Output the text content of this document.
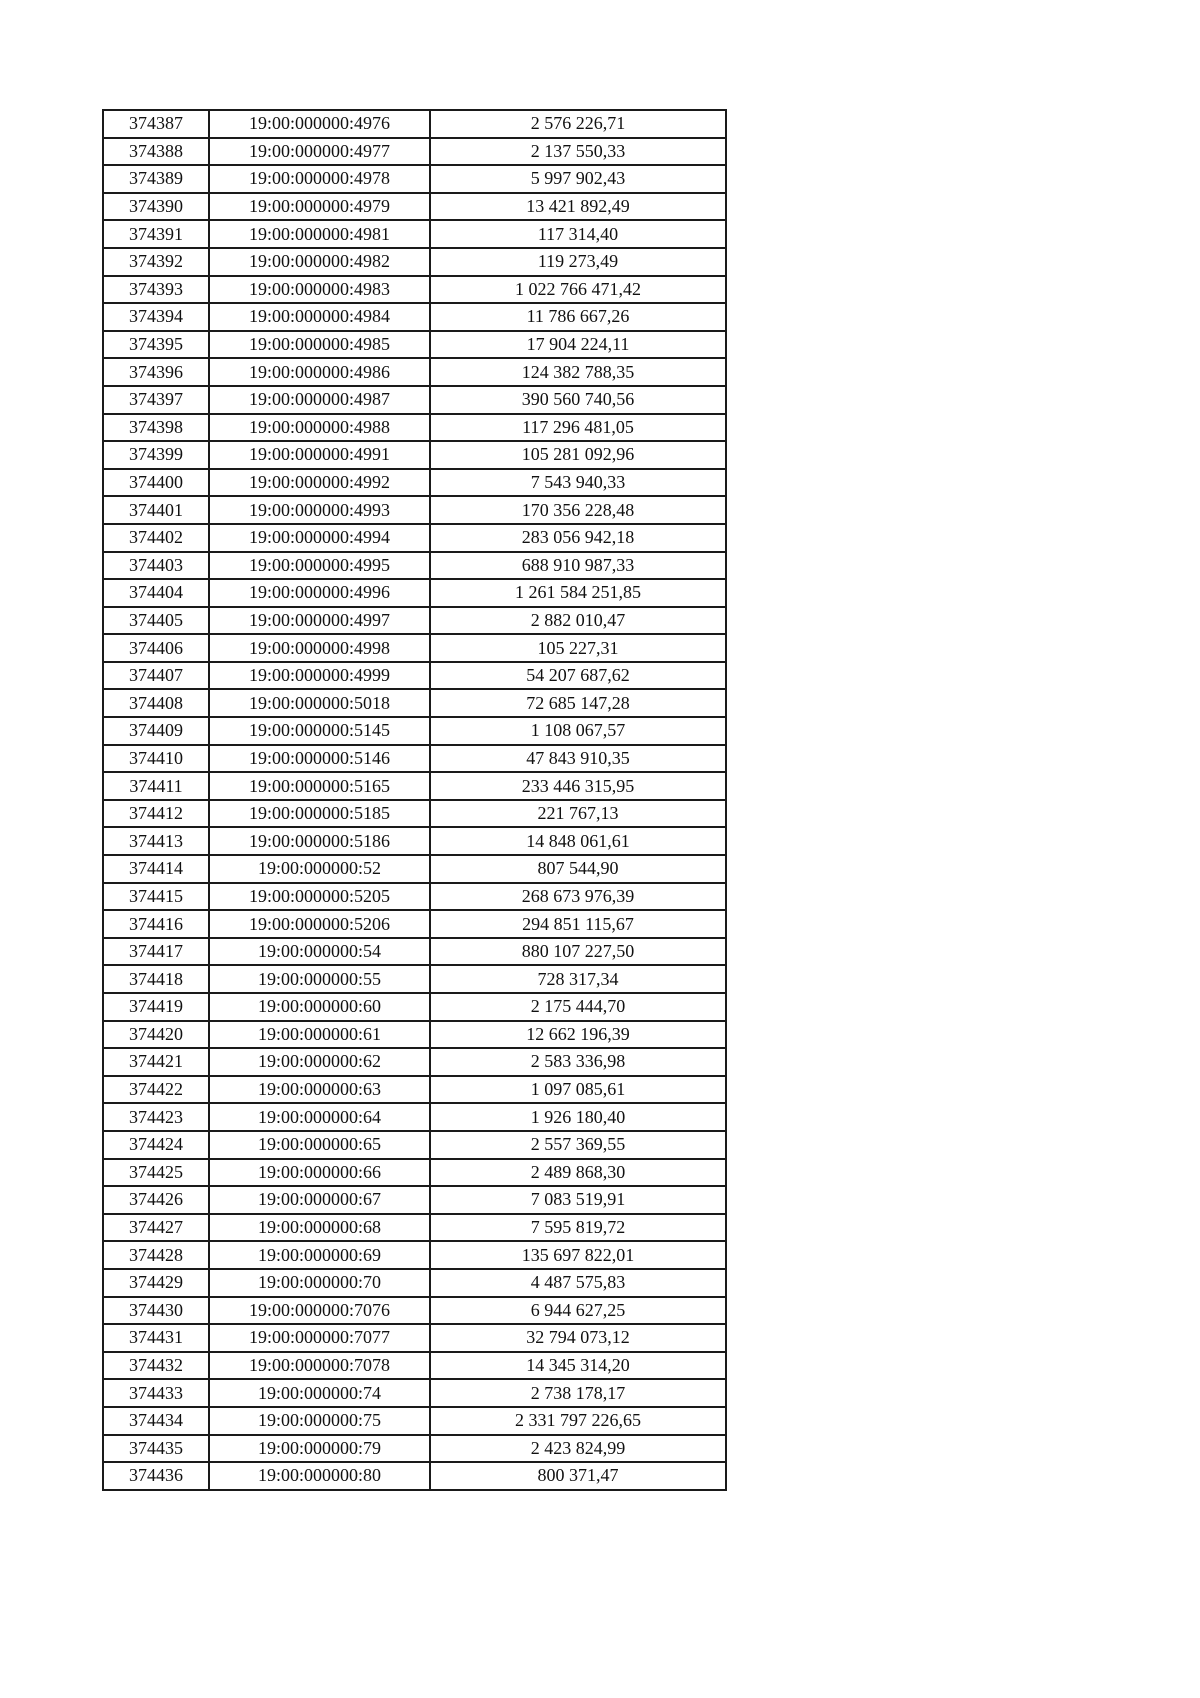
374387	19:00:000000:4976	2 576 226,71
374388	19:00:000000:4977	2 137 550,33
374389	19:00:000000:4978	5 997 902,43
374390	19:00:000000:4979	13 421 892,49
374391	19:00:000000:4981	117 314,40
374392	19:00:000000:4982	119 273,49
374393	19:00:000000:4983	1 022 766 471,42
374394	19:00:000000:4984	11 786 667,26
374395	19:00:000000:4985	17 904 224,11
374396	19:00:000000:4986	124 382 788,35
374397	19:00:000000:4987	390 560 740,56
374398	19:00:000000:4988	117 296 481,05
374399	19:00:000000:4991	105 281 092,96
374400	19:00:000000:4992	7 543 940,33
374401	19:00:000000:4993	170 356 228,48
374402	19:00:000000:4994	283 056 942,18
374403	19:00:000000:4995	688 910 987,33
374404	19:00:000000:4996	1 261 584 251,85
374405	19:00:000000:4997	2 882 010,47
374406	19:00:000000:4998	105 227,31
374407	19:00:000000:4999	54 207 687,62
374408	19:00:000000:5018	72 685 147,28
374409	19:00:000000:5145	1 108 067,57
374410	19:00:000000:5146	47 843 910,35
374411	19:00:000000:5165	233 446 315,95
374412	19:00:000000:5185	221 767,13
374413	19:00:000000:5186	14 848 061,61
374414	19:00:000000:52	807 544,90
374415	19:00:000000:5205	268 673 976,39
374416	19:00:000000:5206	294 851 115,67
374417	19:00:000000:54	880 107 227,50
374418	19:00:000000:55	728 317,34
374419	19:00:000000:60	2 175 444,70
374420	19:00:000000:61	12 662 196,39
374421	19:00:000000:62	2 583 336,98
374422	19:00:000000:63	1 097 085,61
374423	19:00:000000:64	1 926 180,40
374424	19:00:000000:65	2 557 369,55
374425	19:00:000000:66	2 489 868,30
374426	19:00:000000:67	7 083 519,91
374427	19:00:000000:68	7 595 819,72
374428	19:00:000000:69	135 697 822,01
374429	19:00:000000:70	4 487 575,83
374430	19:00:000000:7076	6 944 627,25
374431	19:00:000000:7077	32 794 073,12
374432	19:00:000000:7078	14 345 314,20
374433	19:00:000000:74	2 738 178,17
374434	19:00:000000:75	2 331 797 226,65
374435	19:00:000000:79	2 423 824,99
374436	19:00:000000:80	800 371,47
